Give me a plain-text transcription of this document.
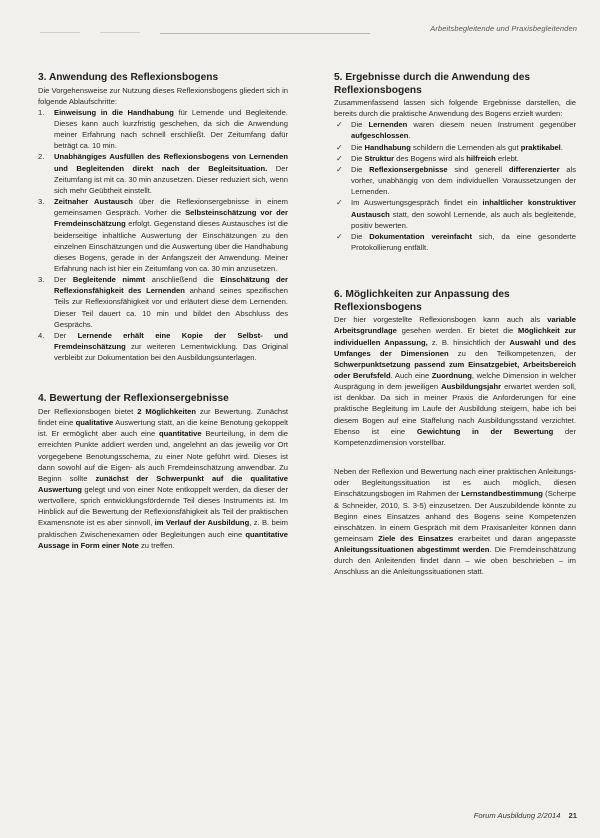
Arbeitsbegleitende und Praxisbegleitenden
3. Anwendung des Reflexionsbogens

Die Vorgehensweise zur Nutzung dieses Reflexionsbogens gliedert sich in folgende Ablaufschritte:

1. Einweisung in die Handhabung für Lernende und Begleitende. Dieses kann auch kurzfristig geschehen, da sich die Anwendung meiner Erfahrung nach schnell erschließt. Der Zeitumfang dafür beträgt ca. 10 min.
2. Unabhängiges Ausfüllen des Reflexionsbogens von Lernenden und Begleitenden direkt nach der Begleitsituation. Der Zeitumfang ist mit ca. 30 min anzusetzen. Dieser reduziert sich, wenn sich mehr Geübtheit einstellt.
3. Zeitnaher Austausch über die Reflexionsergebnisse in einem gemeinsamen Gespräch. Vorher die Selbsteinschätzung vor der Fremdeinschätzung erfolgt. Gegenstand dieses Austausches ist die beiderseitige inhaltliche Auswertung der Einschätzungen zu den einzelnen Einschätzungen und die Auswertung über die Handhabung dieses Bogens, gerade in der Anfangszeit der Anwendung. Meiner Erfahrung nach ist hier ein Zeitumfang von ca. 30 min anzusetzen.
3. Der Begleitende nimmt anschließend die Einschätzung der Reflexionsfähigkeit des Lernenden anhand seines spezifischen Teils zur Reflexionsfähigkeit vor und erläutert diese dem Lernenden. Dieser Teil dauert ca. 10 min und bildet den Abschluss des Gesprächs.
4. Der Lernende erhält eine Kopie der Selbst- und Fremdeinschätzung zur weiteren Lernentwicklung. Das Original verbleibt zur Dokumentation bei den Ausbildungsunterlagen.
4. Bewertung der Reflexionsergebnisse

Der Reflexionsbogen bietet 2 Möglichkeiten zur Bewertung. Zunächst findet eine qualitative Auswertung statt, an die keine Benotung gekoppelt ist. Er ermöglicht aber auch eine quantitative Beurteilung, in dem die erreichten Punkte addiert werden und, angelehnt an das jeweilig vor Ort vorgegebene Benotungsschema, zu einer Note geführt wird. Dieses ist dann sowohl auf die Eigen- als auch Fremdeinschätzung anwendbar. Zu Beginn sollte zunächst der Schwerpunkt auf die qualitative Auswertung gelegt und von einer Note entkoppelt werden, da dieser der wertvollere, sprich entwicklungsfördernde Teil dieses Instruments ist. Im Hinblick auf die Bewertung der Reflexionsfähigkeit als Teil der praktischen Examensnote ist es aber sinnvoll, im Verlauf der Ausbildung, z. B. beim praktischen Zwischenexamen oder Begleitungen auch eine quantitative Aussage in Form einer Note zu treffen.

5. Ergebnisse durch die Anwendung des Reflexionsbogens

Zusammenfassend lassen sich folgende Ergebnisse darstellen, die bereits durch die praktische Anwendung des Bogens erzielt wurden:

✓ Die Lernenden waren diesem neuen Instrument gegenüber aufgeschlossen.
✓ Die Handhabung schildern die Lernenden als gut praktikabel.
✓ Die Struktur des Bogens wird als hilfreich erlebt.
✓ Die Reflexionsergebnisse sind generell differenzierter als vorher, unabhängig von dem individuellen Voraussetzungen der Lernenden.
✓ Im Auswertungsgespräch findet ein inhaltlicher konstruktiver Austausch statt, den sowohl Lernende, als auch als begleitende, positiv bewerten.
✓ Die Dokumentation vereinfacht sich, da eine gesonderte Protokollierung entfällt.
6. Möglichkeiten zur Anpassung des Reflexionsbogens

Der hier vorgestellte Reflexionsbogen kann auch als variable Arbeitsgrundlage gesehen werden. Er bietet die Möglichkeit zur individuellen Anpassung, z. B. hinsichtlich der Auswahl und des Umfanges der Dimensionen zu den Teilkompetenzen, der Schwerpunktsetzung passend zum Einsatzgebiet, Arbeitsbereich oder Berufsfeld. Auch eine Zuordnung, welche Dimension in welcher Ausprägung in dem jeweiligen Ausbildungsjahr erwartet werden soll, ist denkbar. Da sich in meiner Praxis die Anforderungen für eine praktische Begleitung im Laufe der Ausbildung steigern, habe ich bei diesem Bogen auf eine Staffelung nach Ausbildungsstand verzichtet. Ebenso ist eine Gewichtung in der Bewertung der Kompetenzdimension vorstellbar.

Neben der Reflexion und Bewertung nach einer praktischen Anleitungs- oder Begleitungssituation ist es auch möglich, diesen Einschätzungsbogen im Rahmen der Lernstandbestimmung (Scherpe & Schneider, 2010, S. 3-5) einzusetzen. Der Auszubildende könnte zu Beginn eines Einsatzes anhand des Bogens seine Kompetenzen einschätzen. In einem Gespräch mit dem Praxisanleiter können dann gemeinsam Ziele des Einsatzes erarbeitet und daran angepasste Anleitungssituationen abgestimmt werden. Die Fremdeinschätzung durch den Anleitenden findet dann – wie oben beschrieben – im Anschluss an die Anleitungssituationen statt.

Forum Ausbildung 2/2014 21
